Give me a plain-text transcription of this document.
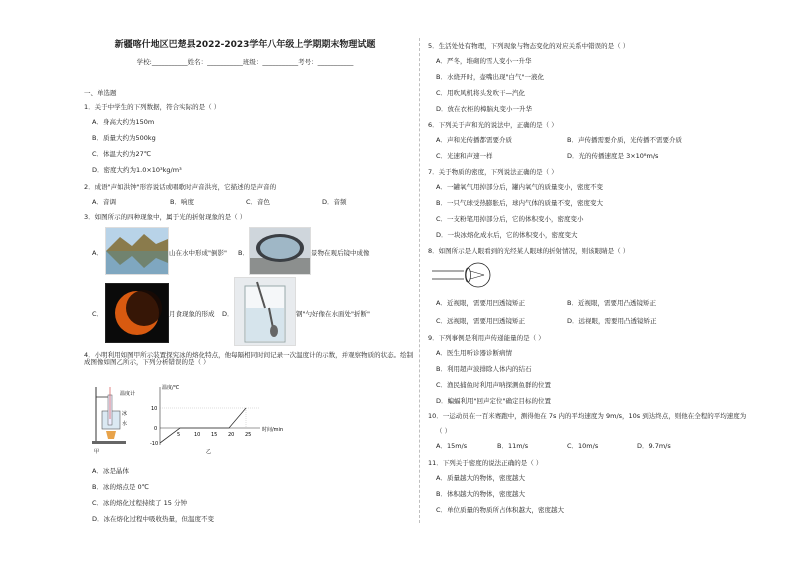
新疆喀什地区巴楚县2022-2023学年八年级上学期期末物理试题
学校:___________姓名：___________班级：___________考号：___________
一、单选题
1．关于中学生的下列数据，符合实际的是（ ）
A．身高大约为150m
B．质量大约为500kg
C．体温大约为27℃
D．密度大约为1.0×10³kg/m³
2．成语"声如洪钟"形容说话或唱歌时声音洪亮，它描述的是声音的
A．音调	B．响度	C．音色	D．音频
3．如图所示的四种现象中，属于光的折射现象的是（ ）
A．	山在水中形成"倒影" B．	景物在观后镜中成像
C．	月食现象的形成 D．	钢"勺好像在水面处"折断"
4．小明利用如图甲所示装置探究冰的熔化特点，他每隔相同时间记录一次温度计的示数，并观察物质的状态。绘制成图像如图乙所示，下列分析错误的是（ ）
温度计
冰
水
甲
温度/℃
时间/min
10
0
-10
5	10 15 20 25
乙
A．冰是晶体
B．冰的熔点是 0℃
C．冰的熔化过程持续了 15 分钟
D．冰在熔化过程中吸收热量，但温度不变
5．生活处处有物理，下列现象与物态变化的对应关系中错误的是（ ）
A．严冬，堆砌的雪人变小一升华
B．水烧开时，壶嘴出现"白气"一液化
C．用吹风机将头发吹干—汽化
D．放在衣柜的樟脑丸变小一升华
6．下列关于声和光的说法中，正确的是（ ）
A．声和光传播都需要介质	B．声传播需要介质，光传播不需要介质
C．光速和声速一样	D．光的传播速度是 3×10⁸m/s
7．关于物质的密度，下列说法正确的是（ ）
A．一罐氧气用掉部分后，罐内氧气的质量变小，密度不变
B．一只气球受热膨胀后，球内气体的质量不变，密度变大
C．一支粉笔用掉部分后，它的体积变小，密度变小
D．一块冰熔化成水后，它的体积变小，密度变大
8．如图所示是人眼看到的光经某人眼球的折射情况，则该眼睛是（ ）
A．近视眼，需要用凹透镜矫正	B．近视眼，需要用凸透镜矫正
C．远视眼，需要用凹透镜矫正	D．远视眼，需要用凸透镜矫正
9．下列事例是利用声传递能量的是（ ）
A．医生用听诊器诊断病情
B．利用超声波排除人体内的结石
C．渔民捕鱼时利用声呐探测鱼群的位置
D．蝙蝠利用"回声定位"确定目标的位置
10．一运动员在一百米赛跑中，测得他在 7s 内的平均速度为 9m/s，10s 到达终点，则他在全程的平均速度为
（ ）
A．15m/s	B．11m/s	C．10m/s	D．9.7m/s
11．下列关于密度的说法正确的是（ ）
A．质量越大的物体，密度越大
B．体积越大的物体，密度越大
C．单位质量的物质所占体积越大，密度越大
